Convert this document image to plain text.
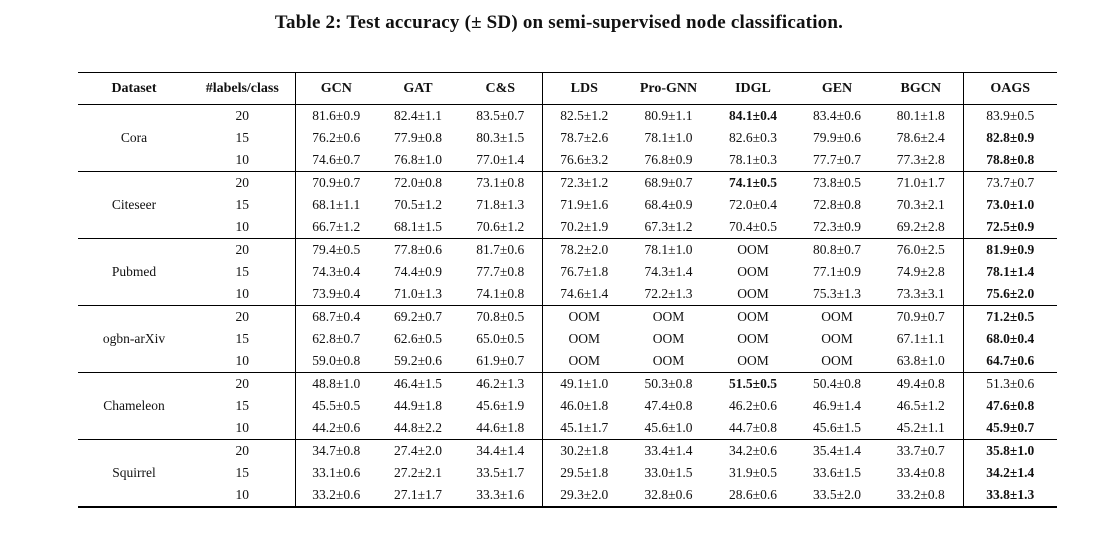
Table 2: Test accuracy (± SD) on semi-supervised node classification.
Dataset	#labels/class	GCN	GAT	C&S	LDS	Pro-GNN	IDGL	GEN	BGCN	OAGS
	20	81.6±0.9	82.4±1.1	83.5±0.7	82.5±1.2	80.9±1.1	84.1±0.4	83.4±0.6	80.1±1.8	83.9±0.5
Cora	15	76.2±0.6	77.9±0.8	80.3±1.5	78.7±2.6	78.1±1.0	82.6±0.3	79.9±0.6	78.6±2.4	82.8±0.9
	10	74.6±0.7	76.8±1.0	77.0±1.4	76.6±3.2	76.8±0.9	78.1±0.3	77.7±0.7	77.3±2.8	78.8±0.8
	20	70.9±0.7	72.0±0.8	73.1±0.8	72.3±1.2	68.9±0.7	74.1±0.5	73.8±0.5	71.0±1.7	73.7±0.7
Citeseer	15	68.1±1.1	70.5±1.2	71.8±1.3	71.9±1.6	68.4±0.9	72.0±0.4	72.8±0.8	70.3±2.1	73.0±1.0
	10	66.7±1.2	68.1±1.5	70.6±1.2	70.2±1.9	67.3±1.2	70.4±0.5	72.3±0.9	69.2±2.8	72.5±0.9
	20	79.4±0.5	77.8±0.6	81.7±0.6	78.2±2.0	78.1±1.0	OOM	80.8±0.7	76.0±2.5	81.9±0.9
Pubmed	15	74.3±0.4	74.4±0.9	77.7±0.8	76.7±1.8	74.3±1.4	OOM	77.1±0.9	74.9±2.8	78.1±1.4
	10	73.9±0.4	71.0±1.3	74.1±0.8	74.6±1.4	72.2±1.3	OOM	75.3±1.3	73.3±3.1	75.6±2.0
	20	68.7±0.4	69.2±0.7	70.8±0.5	OOM	OOM	OOM	OOM	70.9±0.7	71.2±0.5
ogbn-arXiv	15	62.8±0.7	62.6±0.5	65.0±0.5	OOM	OOM	OOM	OOM	67.1±1.1	68.0±0.4
	10	59.0±0.8	59.2±0.6	61.9±0.7	OOM	OOM	OOM	OOM	63.8±1.0	64.7±0.6
	20	48.8±1.0	46.4±1.5	46.2±1.3	49.1±1.0	50.3±0.8	51.5±0.5	50.4±0.8	49.4±0.8	51.3±0.6
Chameleon	15	45.5±0.5	44.9±1.8	45.6±1.9	46.0±1.8	47.4±0.8	46.2±0.6	46.9±1.4	46.5±1.2	47.6±0.8
	10	44.2±0.6	44.8±2.2	44.6±1.8	45.1±1.7	45.6±1.0	44.7±0.8	45.6±1.5	45.2±1.1	45.9±0.7
	20	34.7±0.8	27.4±2.0	34.4±1.4	30.2±1.8	33.4±1.4	34.2±0.6	35.4±1.4	33.7±0.7	35.8±1.0
Squirrel	15	33.1±0.6	27.2±2.1	33.5±1.7	29.5±1.8	33.0±1.5	31.9±0.5	33.6±1.5	33.4±0.8	34.2±1.4
	10	33.2±0.6	27.1±1.7	33.3±1.6	29.3±2.0	32.8±0.6	28.6±0.6	33.5±2.0	33.2±0.8	33.8±1.3
